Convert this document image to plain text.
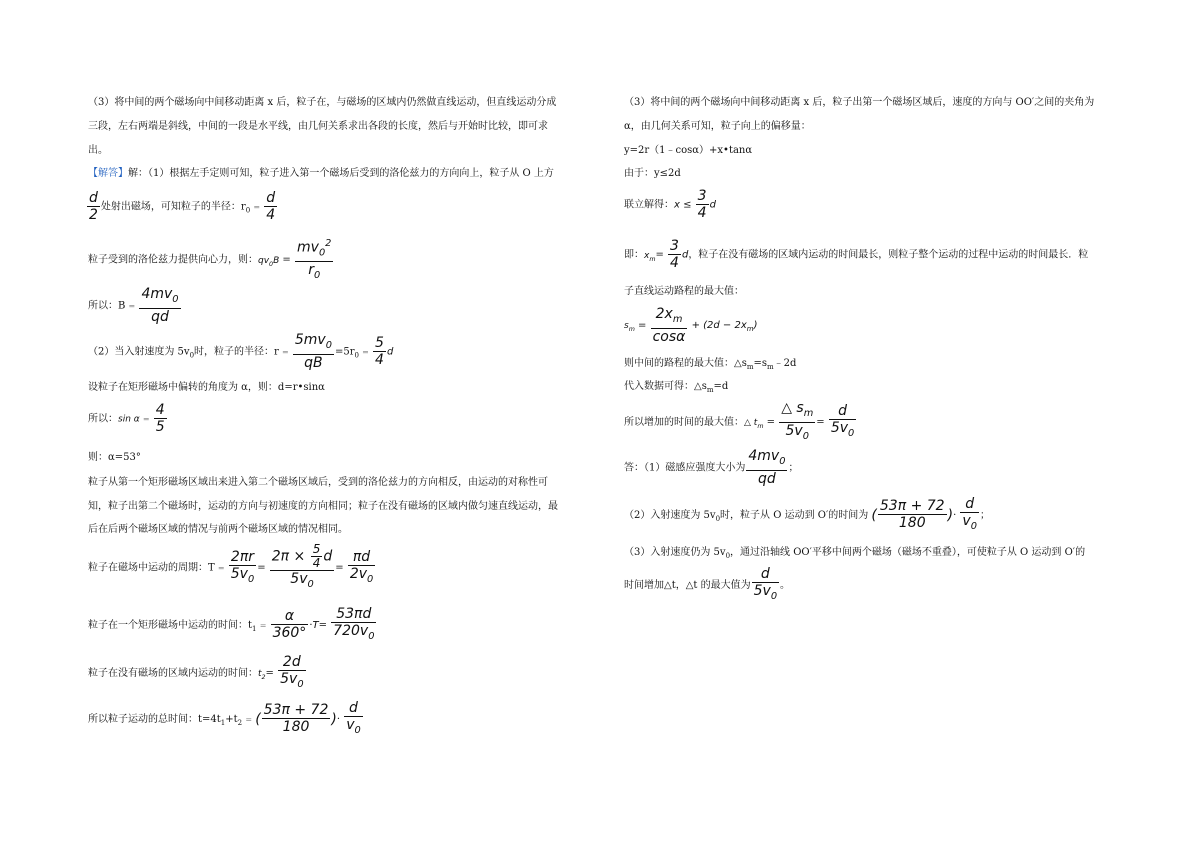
（3）将中间的两个磁场向中间移动距离 x 后，粒子在，与磁场的区域内仍然做直线运动，但直线运动分成
三段，左右两端是斜线，中间的一段是水平线，由几何关系求出各段的长度，然后与开始时比较，即可求
出。
【解答】解：（1）根据左手定则可知，粒子进入第一个磁场后受到的洛伦兹力的方向向上，粒子从 O 上方
$\frac{d}{2}$ 处射出磁场，可知粒子的半径：$r_0 = \frac{d}{4}$
粒子受到的洛伦兹力提供向心力，则：$qv_0B = \frac{mv_0^2}{r_0}$
所以：$B = \frac{4mv_0}{qd}$
（2）当入射速度为 $5v_0$时，粒子的半径：$r = \frac{5mv_0}{qB} =5r_0 = \frac{5}{4}$ d
设粒子在矩形磁场中偏转的角度为 α，则：d=r•sinα
所以：$\sin \alpha = \frac{4}{5}$
则：α=53°
粒子从第一个矩形磁场区域出来进入第二个磁场区域后，受到的洛伦兹力的方向相反，由运动的对称性可
知，粒子出第二个磁场时，运动的方向与初速度的方向相同；粒子在没有磁场的区域内做匀速直线运动，最
后在后两个磁场区域的情况与前两个磁场区域的情况相同。
粒子在磁场中运动的周期：$T = \frac{2\pi r}{5v_0} = \frac{2\pi \times \frac{5}{4} d}{5v_0} = \frac{\pi d}{2v_0}$
粒子在一个矩形磁场中运动的时间：$t_1 = \frac{\alpha}{360^\circ} \cdot T= \frac{53\pi d}{720v_0}$
粒子在没有磁场的区域内运动的时间：$t_2= \frac{2d}{5v_0}$
所以粒子运动的总时间：$t=4t_1+t_2$ = ( $\frac{53\pi + 72}{180}$ )· $\frac{d}{v_0}$
（3）将中间的两个磁场向中间移动距离 x 后，粒子出第一个磁场区域后，速度的方向与 OO′之间的夹角为
α，由几何关系可知，粒子向上的偏移量：
y=2r（1﹣cosα）+x•tanα
由于：y≤2d
联立解得：$x \le \frac{3}{4}$ d
即：$x_m= \frac{3}{4}$ d，粒子在没有磁场的区域内运动的时间最长，则粒子整个运动的过程中运动的时间最长．粒
子直线运动路程的最大值：
$s_m = \frac{2x_m}{\cos\alpha} + (2d - 2x_m)$
则中间的路程的最大值：$\triangle s_m=s_m﹣2d$
代入数据可得：$\triangle s_m=d$
所以增加的时间的最大值：△ $t_m = \frac{\triangle s_m}{5v_0} = \frac{d}{5v_0}$
答：（1）磁感应强度大小为 $\frac{4mv_0}{qd}$ ；
（2）入射速度为 $5v_0$时，粒子从 O 运动到 O′的时间为 ( $\frac{53\pi + 72}{180}$ )· $\frac{d}{v_0}$ ；
（3）入射速度仍为 $5v_0$，通过沿轴线 OO′平移中间两个磁场（磁场不重叠），可使粒子从 O 运动到 O′的
时间增加△t，△t 的最大值为 $\frac{d}{5v_0}$ 。
